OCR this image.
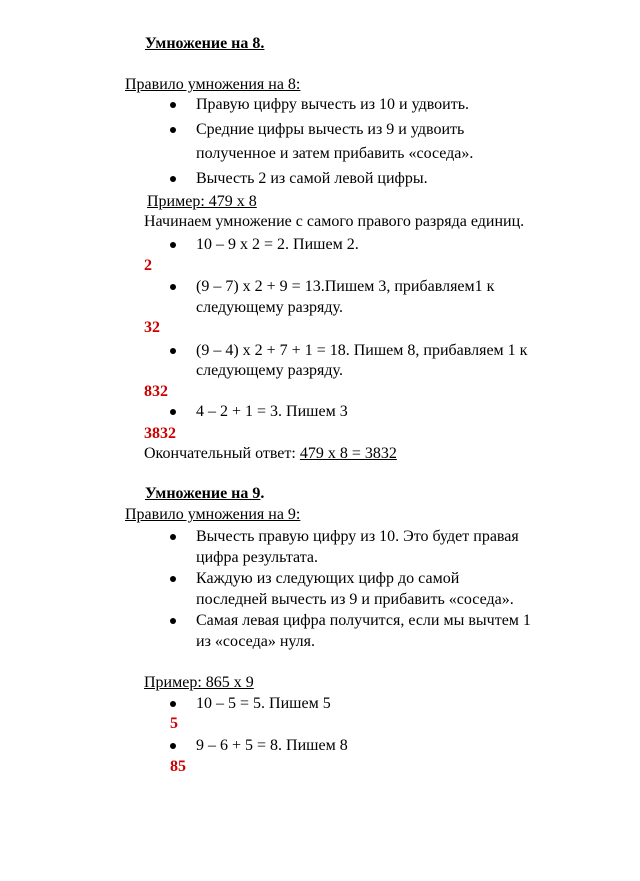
Умножение на 8.
Правило умножения на 8:
Правую цифру вычесть из 10 и удвоить.
Средние цифры вычесть из 9 и удвоить
полученное и затем прибавить «соседа».
Вычесть 2 из самой левой цифры.
Пример: 479 х 8
Начинаем умножение с самого правого разряда единиц.
10 – 9 х 2 = 2. Пишем 2.
2
(9 – 7) х 2 + 9 = 13.Пишем 3, прибавляем1 к
следующему разряду.
32
(9 – 4) х 2 + 7 + 1 = 18. Пишем 8, прибавляем 1 к
следующему разряду.
832
4 – 2 + 1 = 3. Пишем 3
3832
Окончательный ответ: 479 х 8 = 3832
Умножение на 9.
Правило умножения на 9:
Вычесть правую цифру из 10. Это будет правая
цифра результата.
Каждую из следующих цифр до самой
последней вычесть из 9 и прибавить «соседа».
Самая левая цифра получится, если мы вычтем 1
из «соседа» нуля.
Пример: 865 х 9
10 – 5 = 5. Пишем 5
5
9 – 6 + 5 = 8. Пишем 8
85
